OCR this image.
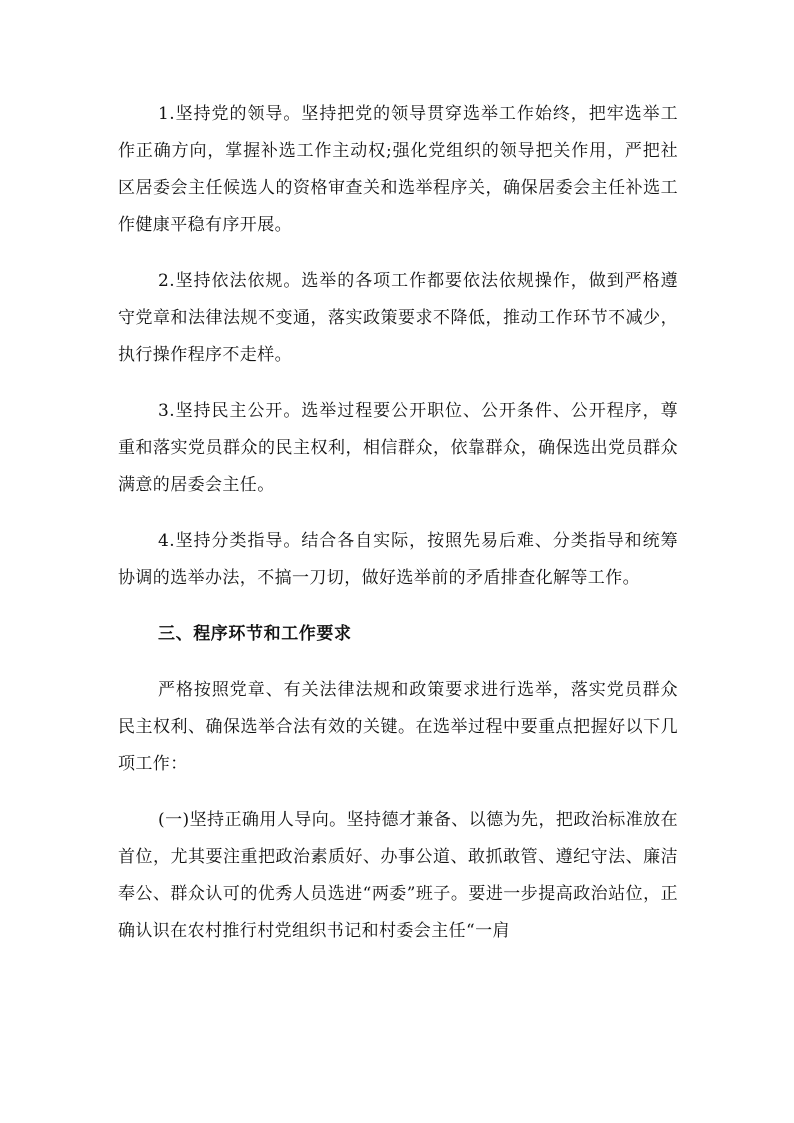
1.坚持党的领导。坚持把党的领导贯穿选举工作始终，把牢选举工作正确方向，掌握补选工作主动权;强化党组织的领导把关作用，严把社区居委会主任候选人的资格审查关和选举程序关，确保居委会主任补选工作健康平稳有序开展。

2.坚持依法依规。选举的各项工作都要依法依规操作，做到严格遵守党章和法律法规不变通，落实政策要求不降低，推动工作环节不减少，执行操作程序不走样。

3.坚持民主公开。选举过程要公开职位、公开条件、公开程序，尊重和落实党员群众的民主权利，相信群众，依靠群众，确保选出党员群众满意的居委会主任。

4.坚持分类指导。结合各自实际，按照先易后难、分类指导和统筹协调的选举办法，不搞一刀切，做好选举前的矛盾排查化解等工作。

三、程序环节和工作要求

严格按照党章、有关法律法规和政策要求进行选举，落实党员群众民主权利、确保选举合法有效的关键。在选举过程中要重点把握好以下几项工作：

(一)坚持正确用人导向。坚持德才兼备、以德为先，把政治标准放在首位，尤其要注重把政治素质好、办事公道、敢抓敢管、遵纪守法、廉洁奉公、群众认可的优秀人员选进“两委”班子。要进一步提高政治站位，正确认识在农村推行村党组织书记和村委会主任“一肩
